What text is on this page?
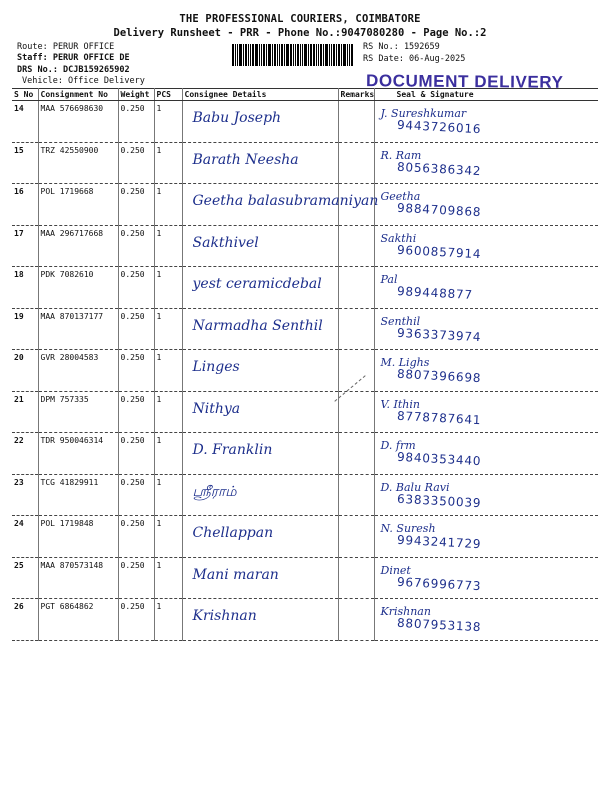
THE PROFESSIONAL COURIERS, COIMBATORE
Delivery Runsheet - PRR - Phone No.:9047080280 - Page No.:2
Route: PERUR OFFICE
Staff: PERUR OFFICE DE
DRS No.: DCJB159265902
Vehicle: Office Delivery
RS No.: 1592659
RS Date: 06-Aug-2025
DOCUMENT DELIVERY
S No	Consignment No	Weight	PCS	Consignee Details	Remarks	Seal & Signature
14	MAA 576698630	0.250	1	Babu Joseph		J. Sureshkumar
9443726016

15	TRZ 42550900	0.250	1	Barath Neesha		R. Ram
8056386342

16	POL 1719668	0.250	1	Geetha balasubramaniyan		Geetha
9884709868

17	MAA 296717668	0.250	1	Sakthivel		Sakthi
9600857914

18	PDK 7082610	0.250	1	yest ceramicdebal		Pal
989448877

19	MAA 870137177	0.250	1	Narmadha Senthil		Senthil
9363373974

20	GVR 28004583	0.250	1	Linges		M. Lighs
8807396698

21	DPM 757335	0.250	1	Nithya		V. Ithin
8778787641

22	TDR 950046314	0.250	1	D. Franklin		D. frm
9840353440

23	TCG 41829911	0.250	1	ஸ்ரீராம்		D. Balu Ravi
6383350039

24	POL 1719848	0.250	1	Chellappan		N. Suresh
9943241729

25	MAA 870573148	0.250	1	Mani maran		Dinet
9676996773

26	PGT 6864862	0.250	1	Krishnan		Krishnan
8807953138
